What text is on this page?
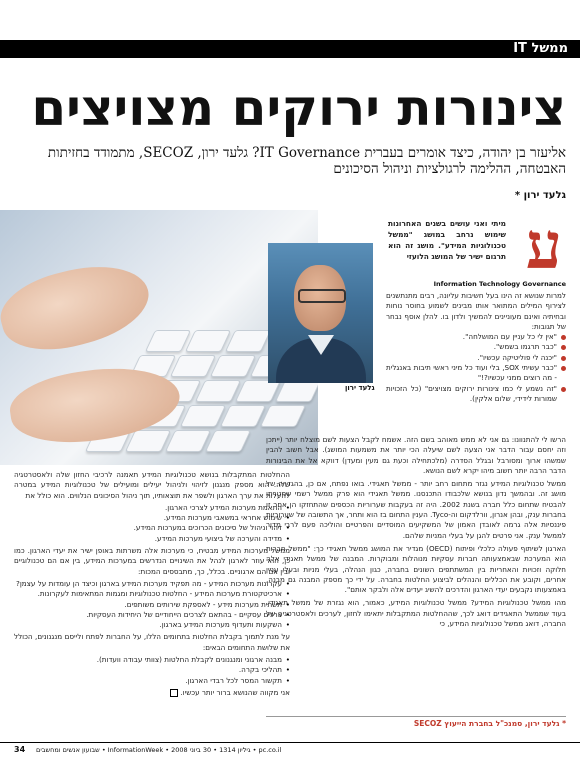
ממשל IT
צינורות ירוקים מצויצים
אליעזר בן יהודה, כיצד אומרים בעברית IT Governance? גלעד ירון, SECOZ, מתמודד בחזיתות האבטחה, ההלימה לרגולציות וניהול הסיכונים
גלעד ירון *
גלעד ירון
ע
מיתי ואני עושים בשנים האחרונות שימוש נרחב במושג "ממשל טכנולוגיות המידע". מושג זה הוא תרגום ישיר של המושג הלועזי
Information Technology Governance
למרות שנושא זה הינו בעל חשיבות עליונה, רבים מתנתשנים לצירוף המילים המתואר אותו מבינים לשמוע בחוסר נוחות ובחיתיה ואינם מעוניינים להמשיך ולדון בו. להלן אוסף נבחר של תגובות:
"אין לי כל עניין עם המושלחה".
"כבר תרגמו בשמש".
"יכנה לי פוליטיקה עכשיו".
"כבר עשיתי SOX, בלי ועוד כל מיני ראשי תיבות באנגלית - מה רוצים ממני עכשיו?!"
"זה נשמע לי כמו צינורות ירוקים מצויצים" (כל הזכויות שמורות לידידי, שלום אלקין).

הרשו לי להתנוונו: גם אני לא ממש מאוהב בשם הזה. אשמח לקבל הצעות לשם מוצלח יותר (ייתכן וזה יחסם עבור הדבר אני הצעה לשם שיעלה הכי יותר את משמעות המושג). אבל חשוב להבין שמשהו ארוך ומסורבל ובגלל הסדרה (מלכתחילה וכעת גם מעין ומעדן) דווקא אל את הבינורות הדבר הרבה יותר חשוב מיהו יקרא לשם הנושא.

ממשל טכנולוגיות המידע נגזר מתחום רחב יותר - ממשל תאגידי. בואו נפתח, אם כן, בהגדרה של מושג זה. ובהמשך נדון בנושא שלכבודו התכנסנו. ממשל תאגידי הוא פרק ממשל רשמי שמטרתו להבטיח שתחום כלל חברה בשנת 2002. היה זה בעקבות שערוריות הכספים שהתחזקו הן אחר זו בחברות ענק, ובהן אנרון, וורלדקום וה-Tyco. הענין התחום בז הוא ותחר, אך התשובה של שערוריות פיננסיות אלה גרמה לאובדן האמון של המשקיעים המוסדיים והפרטיים והוליכה פעם לרבי מדור לממשל ענק. אני פרטים להגן על בעלי המניות שלהם.

הארגון לשיתוף פעולה כלכלי ופיתוח (OECD) מגדיר את המושג ממשל תאגידי כך: "ממשל חברות הוא המערכת שבאמצעותה חברות עסקיות מנוהלות ומבוקרות. המבנה של ממשל תאגידי אלה חלוקה וזכויות והאחריות בין המשתתפים השונים בחברה, כגון הנהלה, בעלי מניות ובעלי עניין אחרים, וקובע את הכללים והנהלים לביצוע החלטות בחברה. על ידי כך מספק המבנה גם מבנה, באמצעותו נקבעים יעדי הארגון והדרכים להשיג יעדים אלה ולבקר אותם".

מהו ממשל טכנולוגיות המידע? ממשל טכנולוגיות המידע, כאמור, הוא נגזרת של ממשל תאגידי. בעוד שממשל התאגידים דואג לכך, שההחלטות המתקבלות יתאימו לחזון, לערכים ולאסטרטגיה של החברה, דואג ממשל טכנולוגיות המידע, כי

ההחלטות המתקבלות בנושא טכנולוגיות המידע תאמנה לרכיבי החזון שלה ולאסטרטגיה שלה. הוא מספק מנגנון לזיהוי ולניהול יעילים ומועילים של טכנולוגיות המידע במטרה להעלות את ערך הארגון ולשפר את תוצאותיו, תוך ניהול הסיכונים הנלווים. הוא כולל את

• התאמת מערכות המידע לצרכי הארגון.
• שימוש אחראי במשאבי מערכות המידע.
• זיהוי וניהול של סיכונים הכרוכים במערכות המידע.
• מדידה והערכה של ביצועי מערכות המידע.

ממשל מערכות המידע מבטיח, כי מערכות אלה משרתות באופן ישיר את יעדי הארגון. כמו כן, הוא עוזר לארגון לנהל את השינויים הנדרשים במערכות המידע, בין אם הם טכנולוגיים ובין אם הם ארגוניים. בכלל, כך, מתבססים המכות:

• עקרונות מערכות המידע - מה תפקיד מערכות המידע בארגון וכיצד הן עומדות על עצמן?
• ארכיטקטורת מערכות המידע - החלטות טכנולוגיות ומגמות המתאימות לעקרונות.
• תשתית מערכות מידע - לאספקת שירותים משותפים.
• צרכים עסקיים - בהתאם לצרכים הייחודיים של היחידות העסקיות.
• השקעות ותעדוף מערכות המידע בארגון.

על מנת לתמוך בקבלת החלטות בתחומים הללו, על החברות לפתח ולייסם מנגנונים, הכולל את שלושת התחומים הבאים:

• מבנה ארגוני ומנגנונים לקבלת החלטות (צוותי עבודה וועדות).
• תהליכי בקרה.
• תקשור המסר לכל רבדי הארגון.

אני מקווה שהנושא ברור יותר עכשיו.

* גלעד ירון, סמנכ"ל בחברת הייעוץ SECOZ
34 שבועון אנשים ומחשבים • InformationWeek • גיליון 1314 • 30 ביוני 2008 • pc.co.il
